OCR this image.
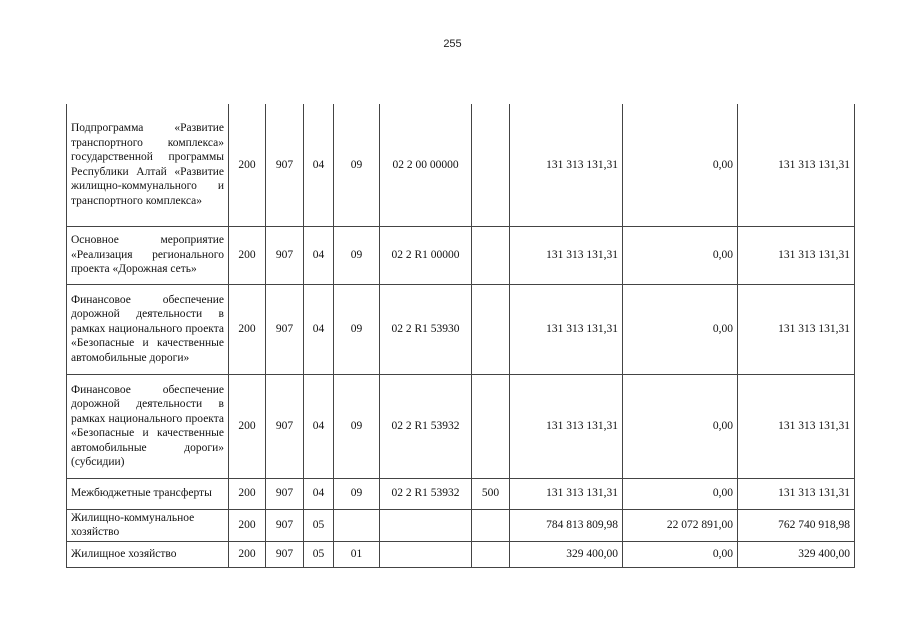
255
Подпрограмма «Развитие транспортного комплекса» государственной программы Республики Алтай «Развитие жилищно-коммунального и транспортного комплекса»	200	907	04	09	02 2 00 00000		131 313 131,31	0,00	131 313 131,31
Основное мероприятие «Реализация регионального проекта «Дорожная сеть»	200	907	04	09	02 2 R1 00000		131 313 131,31	0,00	131 313 131,31
Финансовое обеспечение дорожной деятельности в рамках национального проекта «Безопасные и качественные автомобильные дороги»	200	907	04	09	02 2 R1 53930		131 313 131,31	0,00	131 313 131,31
Финансовое обеспечение дорожной деятельности в рамках национального проекта «Безопасные и качественные автомобильные дороги» (субсидии)	200	907	04	09	02 2 R1 53932		131 313 131,31	0,00	131 313 131,31
Межбюджетные трансферты	200	907	04	09	02 2 R1 53932	500	131 313 131,31	0,00	131 313 131,31
Жилищно-коммунальное хозяйство	200	907	05				784 813 809,98	22 072 891,00	762 740 918,98
Жилищное хозяйство	200	907	05	01			329 400,00	0,00	329 400,00
